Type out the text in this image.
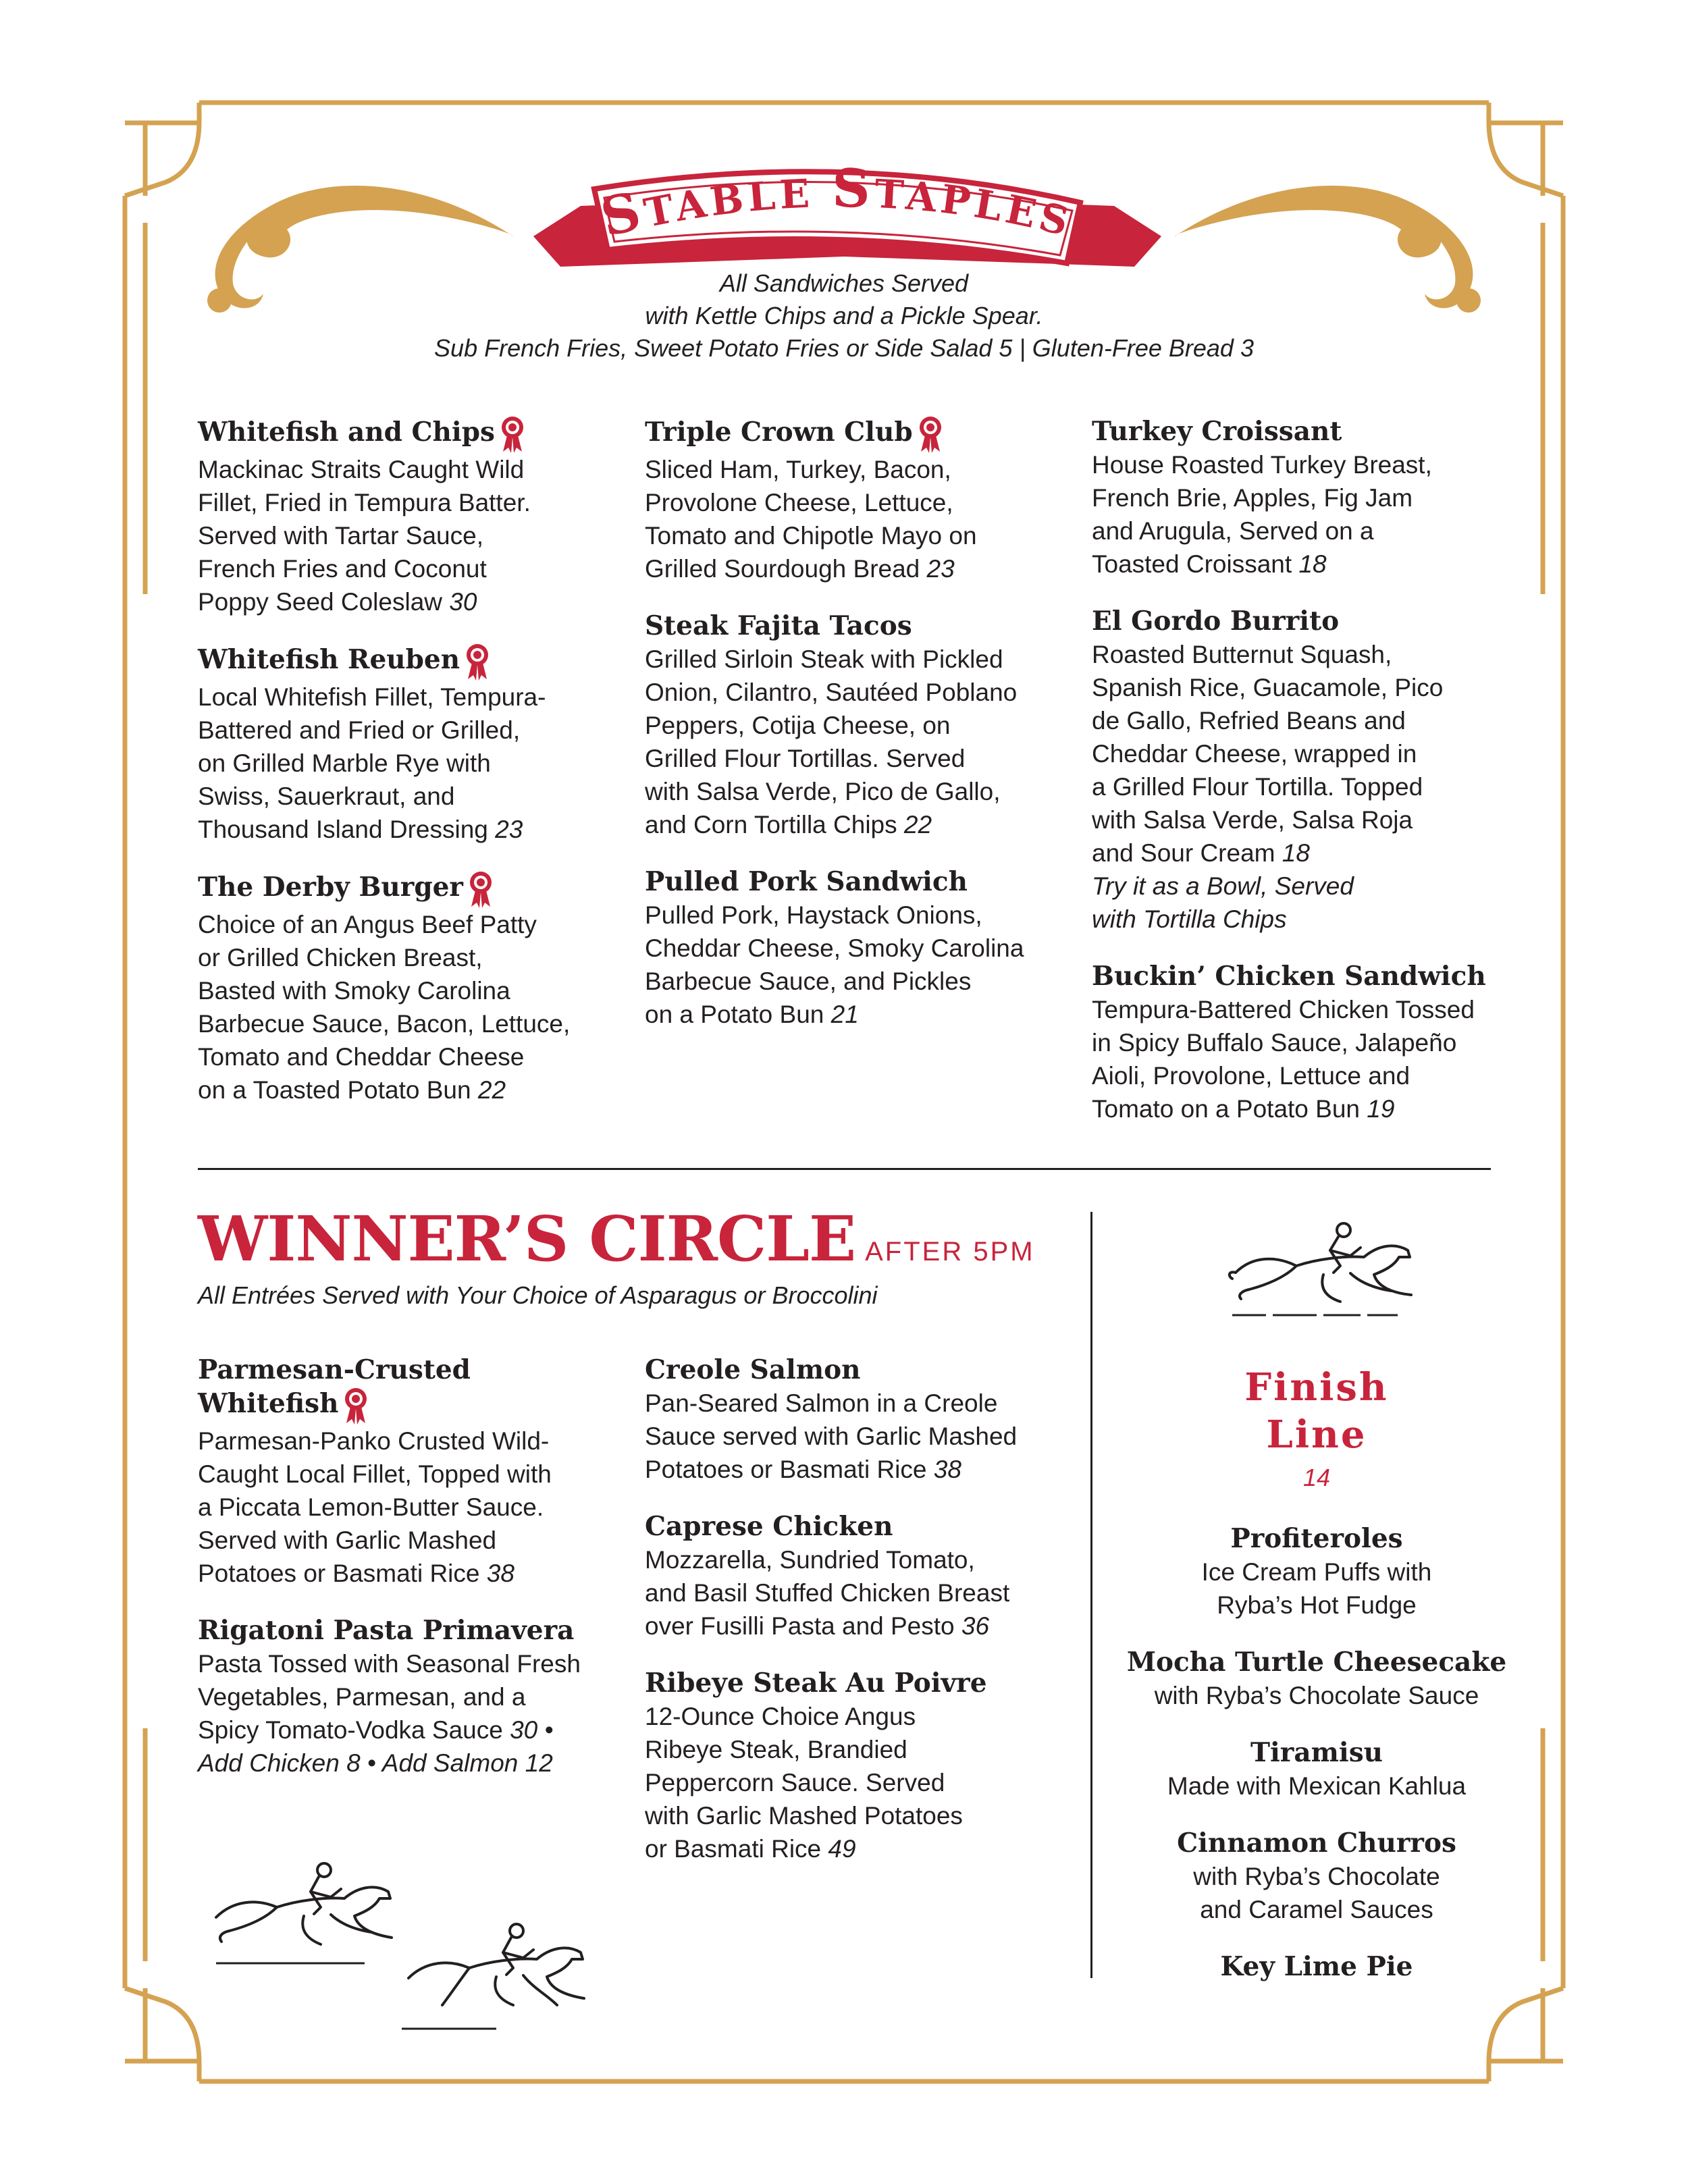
STABLE STAPLES
All Sandwiches Served
with Kettle Chips and a Pickle Spear.
Sub French Fries, Sweet Potato Fries or Side Salad 5 | Gluten-Free Bread 3
Whitefish and Chips
Mackinac Straits Caught Wild
Fillet, Fried in Tempura Batter.
Served with Tartar Sauce,
French Fries and Coconut
Poppy Seed Coleslaw 30
Whitefish Reuben
Local Whitefish Fillet, Tempura-
Battered and Fried or Grilled,
on Grilled Marble Rye with
Swiss, Sauerkraut, and
Thousand Island Dressing 23
The Derby Burger
Choice of an Angus Beef Patty
or Grilled Chicken Breast,
Basted with Smoky Carolina
Barbecue Sauce, Bacon, Lettuce,
Tomato and Cheddar Cheese
on a Toasted Potato Bun 22
Triple Crown Club
Sliced Ham, Turkey, Bacon,
Provolone Cheese, Lettuce,
Tomato and Chipotle Mayo on
Grilled Sourdough Bread 23
Steak Fajita Tacos
Grilled Sirloin Steak with Pickled
Onion, Cilantro, Sautéed Poblano
Peppers, Cotija Cheese, on
Grilled Flour Tortillas. Served
with Salsa Verde, Pico de Gallo,
and Corn Tortilla Chips 22
Pulled Pork Sandwich
Pulled Pork, Haystack Onions,
Cheddar Cheese, Smoky Carolina
Barbecue Sauce, and Pickles
on a Potato Bun 21
Turkey Croissant
House Roasted Turkey Breast,
French Brie, Apples, Fig Jam
and Arugula, Served on a
Toasted Croissant 18
El Gordo Burrito
Roasted Butternut Squash,
Spanish Rice, Guacamole, Pico
de Gallo, Refried Beans and
Cheddar Cheese, wrapped in
a Grilled Flour Tortilla. Topped
with Salsa Verde, Salsa Roja
and Sour Cream 18
Try it as a Bowl, Served
with Tortilla Chips
Buckin’ Chicken Sandwich
Tempura-Battered Chicken Tossed
in Spicy Buffalo Sauce, Jalapeño
Aioli, Provolone, Lettuce and
Tomato on a Potato Bun 19
WINNER’S CIRCLE AFTER 5PM
All Entrées Served with Your Choice of Asparagus or Broccolini
Parmesan-Crusted
Whitefish
Parmesan-Panko Crusted Wild-
Caught Local Fillet, Topped with
a Piccata Lemon-Butter Sauce.
Served with Garlic Mashed
Potatoes or Basmati Rice 38
Rigatoni Pasta Primavera
Pasta Tossed with Seasonal Fresh
Vegetables, Parmesan, and a
Spicy Tomato-Vodka Sauce 30 •
Add Chicken 8 • Add Salmon 12
Creole Salmon
Pan-Seared Salmon in a Creole
Sauce served with Garlic Mashed
Potatoes or Basmati Rice 38
Caprese Chicken
Mozzarella, Sundried Tomato,
and Basil Stuffed Chicken Breast
over Fusilli Pasta and Pesto 36
Ribeye Steak Au Poivre
12-Ounce Choice Angus
Ribeye Steak, Brandied
Peppercorn Sauce. Served
with Garlic Mashed Potatoes
or Basmati Rice 49
Finish
Line
14
Profiteroles
Ice Cream Puffs with
Ryba’s Hot Fudge
Mocha Turtle Cheesecake
with Ryba’s Chocolate Sauce
Tiramisu
Made with Mexican Kahlua
Cinnamon Churros
with Ryba’s Chocolate
and Caramel Sauces
Key Lime Pie
